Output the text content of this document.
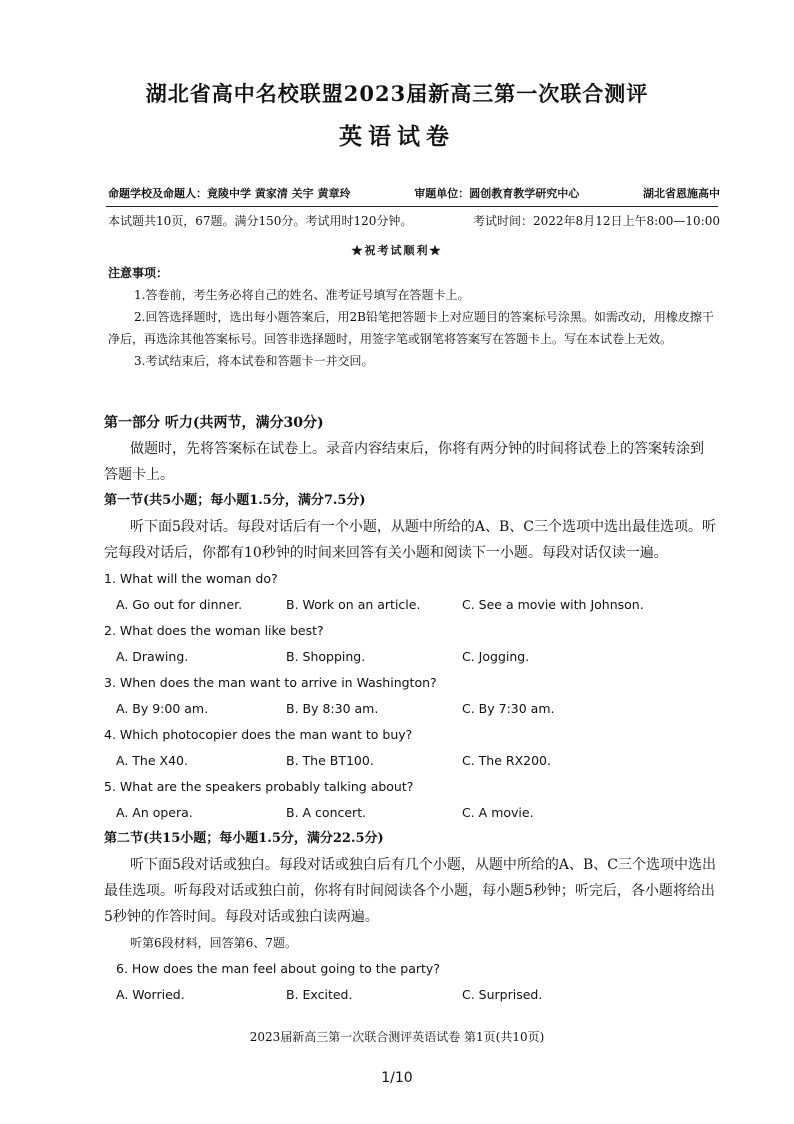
湖北省高中名校联盟2023届新高三第一次联合测评
英语试卷
命题学校及命题人：竟陵中学 黄家清 关宇 黄章玲	审题单位：圆创教育教学研究中心	湖北省恩施高中
本试题共10页，67题。满分150分。考试用时120分钟。	考试时间：2022年8月12日上午8:00—10:00
★祝考试顺利★

注意事项：

1.答卷前，考生务必将自己的姓名、准考证号填写在答题卡上。

2.回答选择题时，选出每小题答案后，用2B铅笔把答题卡上对应题目的答案标号涂黑。如需改动，用橡皮擦干净后，再选涂其他答案标号。回答非选择题时，用签字笔或钢笔将答案写在答题卡上。写在本试卷上无效。

3.考试结束后，将本试卷和答题卡一并交回。

第一部分 听力(共两节，满分30分)

做题时，先将答案标在试卷上。录音内容结束后，你将有两分钟的时间将试卷上的答案转涂到答题卡上。

第一节(共5小题；每小题1.5分，满分7.5分)

听下面5段对话。每段对话后有一个小题，从题中所给的A、B、C三个选项中选出最佳选项。听完每段对话后，你都有10秒钟的时间来回答有关小题和阅读下一小题。每段对话仅读一遍。

1. What will the woman do?

A. Go out for dinner.	B. Work on an article.	C. See a movie with Johnson.

2. What does the woman like best?

A. Drawing.	B. Shopping.	C. Jogging.

3. When does the man want to arrive in Washington?

A. By 9:00 am.	B. By 8:30 am.	C. By 7:30 am.

4. Which photocopier does the man want to buy?

A. The X40.	B. The BT100.	C. The RX200.

5. What are the speakers probably talking about?

A. An opera.	B. A concert.	C. A movie.

第二节(共15小题；每小题1.5分，满分22.5分)

听下面5段对话或独白。每段对话或独白后有几个小题，从题中所给的A、B、C三个选项中选出最佳选项。听每段对话或独白前，你将有时间阅读各个小题，每小题5秒钟；听完后，各小题将给出5秒钟的作答时间。每段对话或独白读两遍。

听第6段材料，回答第6、7题。

6. How does the man feel about going to the party?

A. Worried.	B. Excited.	C. Surprised.
2023届新高三第一次联合测评英语试卷 第1页(共10页)
1/10
